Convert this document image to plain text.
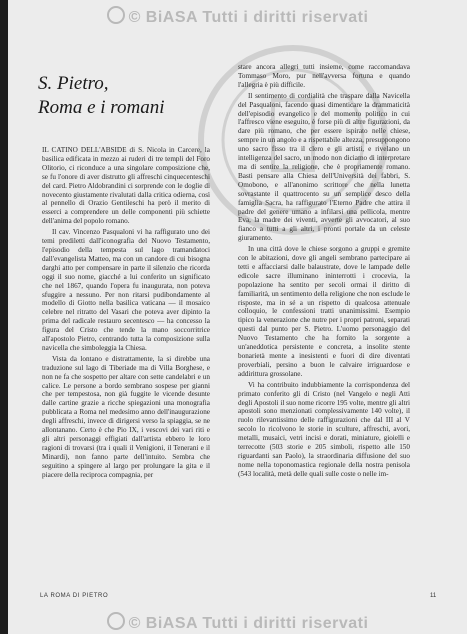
© BiASA Tutti i diritti riservati
S. Pietro,
Roma e i romani

IL CATINO DELL'ABSIDE di S. Nicola in Carcere, la basilica edificata in mezzo ai ruderi di tre templi del Foro Olitorio, ci riconduce a una singolare composizione che, se fu l'onore di aver distrutto gli affreschi cinquecenteschi del card. Pietro Aldobrandini ci sorprende con le doglie di novecento giustamente rivalutati dalla critica odierna, così al pennello di Orazio Gentileschi ha però il merito di esserci a comprendere un delle componenti più schiette dell'anima del popolo romano.

Il cav. Vincenzo Pasqualoni vi ha raffigurato uno dei temi prediletti dall'iconografia del Nuovo Testamento, l'episodio della tempesta sul lago tramandatoci dall'evangelista Matteo, ma con un candore di cui bisogna darghi atto per compensare in parte il silenzio che ricorda oggi il suo nome, giacché a lui conferito un significato che nel 1867, quando l'opera fu inaugurata, non poteva sfuggire a nessuno. Per non ritarsi pudibondamente al modello di Giotto nella basilica vaticana — il mosaico celebre nel ritratto del Vasari che poteva aver dipinto la prima del radicale restauro secentesco — ha concesso la figura del Cristo che tende la mano soccorritrice all'apostolo Pietro, centrando tutta la composizione sulla navicella che simboleggia la Chiesa.

Vista da lontano e distrattamente, la si direbbe una traduzione sul lago di Tiberiade ma di Villa Borghese, e non ne fa che sospetto per altare con sette candelabri e un calice. Le persone a bordo sembrano sospese per gianni che per tempestosa, non già fuggite le vicende desunte dalle cartine grazie a ricche spiegazioni una monografia pubblicata a Roma nel medesimo anno dell'inaugurazione degli affreschi, invece di dirigersi verso la spiaggia, se ne allontanano. Certo è che Pio IX, i vescovi dei vari riti e gli altri personaggi effigiati dall'artista ebbero le loro ragioni di trovarsi (tra i quali il Venigioni, il Tenerani e il Minardi), non fanno parte dell'intuito. Sembra che seguitino a spingere al largo per prolungare la gita e il piacere della reciproca compagnia, per

stare ancora allegri tutti insieme, come raccomandava Tommaso Moro, pur nell'avversa fortuna e quando l'allegria è più difficile.

Il sentimento di cordialità che traspare dalla Navicella del Pasqualoni, facendo quasi dimenticare la drammaticità dell'episodio evangelico e del momento politico in cui l'affresco viene eseguito, è forse più di altre figurazioni, da dare più romano, che per essere ispirato nelle chiese, sempre in un angolo e a rispettabile altezza, presuppongono uno sacro fisso tra il clero e gli artisti, e rivelano un intelligenza del sacro, un modo non diciamo di interpretare ma di sentire la religione, che è propriamente romano. Basti pensare alla Chiesa dell'Università dei fabbri, S. Omobono, e all'anonimo scrittore che nella lunetta sovrastante il quattrocento su un semplice desco della famiglia Sacra, ha raffigurato l'Eterno Padre che attira il padre del genere umano a infilarsi una pellicola, mentre Eva, la madre dei viventi, avverte gli avvocatori, al suo fianco a tutti a gli altri, i pronti portale da un celeste giuramento.

In una città dove le chiese sorgono a gruppi e gremite con le abitazioni, dove gli angeli sembrano partecipare ai tetti e affacciarsi dalle balaustrate, dove le lampade delle edicole sacre illuminano ininterrotti i crocevia, la popolazione ha sentito per secoli ormai il diritto di familiarità, un sentimento della religione che non esclude le risposte, ma in sé a un rispetto di qualcosa attenuale colloquio, le confessioni tratti unanimissimi. Esempio tipico la venerazione che nutre per i propri patroni, separati questi dal punto per S. Pietro. L'uomo personaggio del Nuovo Testamento che ha fornito la sorgente a un'aneddotica persistente e concreta, a insolite stente bonarietà mente a inesistenti e fuori di dire diventati proverbiali, persino a buon le calvaire irriguardose e addirittura grossolane.

Vi ha contribuito indubbiamente la corrispondenza del primato conferito gli di Cristo (nel Vangelo e negli Atti degli Apostoli il suo nome ricorre 195 volte, mentre gli altri apostoli sono menzionati complessivamente 140 volte), il ruolo rilevantissimo delle raffigurazioni che dal III al V secolo lo ricolvono le storie in sculture, affreschi, avori, metalli, musaici, vetri incisi e dorati, miniature, gioielli e terrecotte (503 storie e 205 simboli, rispetto alle 150 riguardanti san Paolo), la straordinaria diffusione del suo nome nella toponomastica regionale della nostra penisola (543 località, metà delle quali sulle coste o nelle im-

LA ROMA DI PIETRO	11
© BiASA Tutti i diritti riservati
